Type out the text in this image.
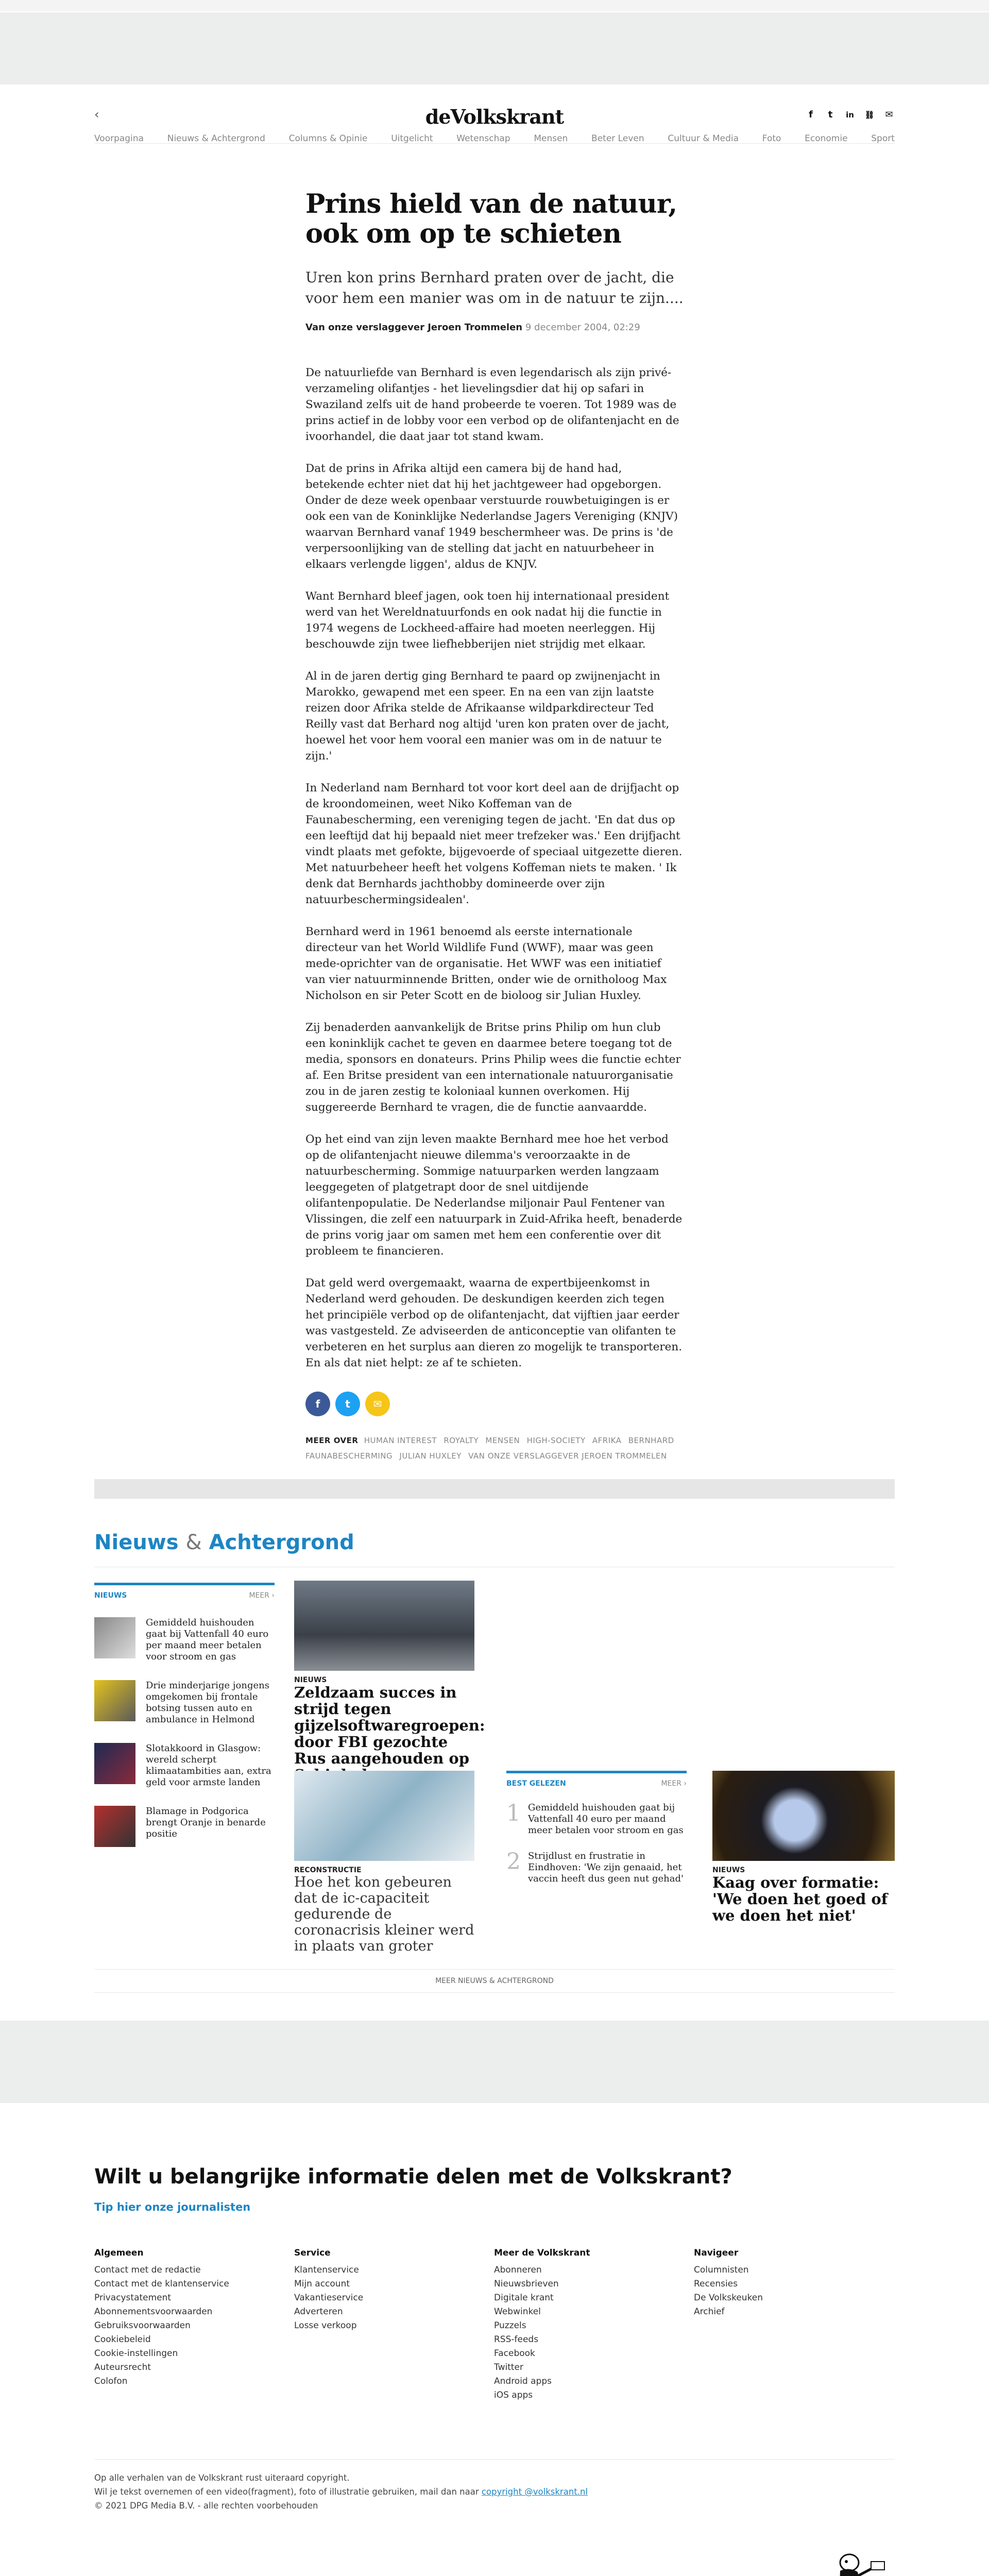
‹	deVolkskrant	f	t	in ⛓ ✉
Voorpagina	Nieuws & Achtergrond	Columns & Opinie	Uitgelicht	Wetenschap	Mensen	Beter Leven	Cultuur & Media	Foto	Economie	Sport
Prins hield van de natuur, ook om op te schieten

Uren kon prins Bernhard praten over de jacht, die voor hem een manier was om in de natuur te zijn....

Van onze verslaggever Jeroen Trommelen 9 december 2004, 02:29

De natuurliefde van Bernhard is even legendarisch als zijn privé-verzameling olifantjes - het lievelingsdier dat hij op safari in Swaziland zelfs uit de hand probeerde te voeren. Tot 1989 was de prins actief in de lobby voor een verbod op de olifantenjacht en de ivoorhandel, die daat jaar tot stand kwam.

Dat de prins in Afrika altijd een camera bij de hand had, betekende echter niet dat hij het jachtgeweer had opgeborgen. Onder de deze week openbaar verstuurde rouwbetuigingen is er ook een van de Koninklijke Nederlandse Jagers Vereniging (KNJV) waarvan Bernhard vanaf 1949 beschermheer was. De prins is 'de verpersoonlijking van de stelling dat jacht en natuurbeheer in elkaars verlengde liggen', aldus de KNJV.

Want Bernhard bleef jagen, ook toen hij internationaal president werd van het Wereldnatuurfonds en ook nadat hij die functie in 1974 wegens de Lockheed-affaire had moeten neerleggen. Hij beschouwde zijn twee liefhebberijen niet strijdig met elkaar.

Al in de jaren dertig ging Bernhard te paard op zwijnenjacht in Marokko, gewapend met een speer. En na een van zijn laatste reizen door Afrika stelde de Afrikaanse wildparkdirecteur Ted Reilly vast dat Berhard nog altijd 'uren kon praten over de jacht, hoewel het voor hem vooral een manier was om in de natuur te zijn.'

In Nederland nam Bernhard tot voor kort deel aan de drijfjacht op de kroondomeinen, weet Niko Koffeman van de Faunabescherming, een vereniging tegen de jacht. 'En dat dus op een leeftijd dat hij bepaald niet meer trefzeker was.' Een drijfjacht vindt plaats met gefokte, bijgevoerde of speciaal uitgezette dieren. Met natuurbeheer heeft het volgens Koffeman niets te maken. ' Ik denk dat Bernhards jachthobby domineerde over zijn natuurbeschermingsidealen'.

Bernhard werd in 1961 benoemd als eerste internationale directeur van het World Wildlife Fund (WWF), maar was geen mede-oprichter van de organisatie. Het WWF was een initiatief van vier natuurminnende Britten, onder wie de ornitholoog Max Nicholson en sir Peter Scott en de bioloog sir Julian Huxley.

Zij benaderden aanvankelijk de Britse prins Philip om hun club een koninklijk cachet te geven en daarmee betere toegang tot de media, sponsors en donateurs. Prins Philip wees die functie echter af. Een Britse president van een internationale natuurorganisatie zou in de jaren zestig te koloniaal kunnen overkomen. Hij suggereerde Bernhard te vragen, die de functie aanvaardde.

Op het eind van zijn leven maakte Bernhard mee hoe het verbod op de olifantenjacht nieuwe dilemma's veroorzaakte in de natuurbescherming. Sommige natuurparken werden langzaam leeggegeten of platgetrapt door de snel uitdijende olifantenpopulatie. De Nederlandse miljonair Paul Fentener van Vlissingen, die zelf een natuurpark in Zuid-Afrika heeft, benaderde de prins vorig jaar om samen met hem een conferentie over dit probleem te financieren.

Dat geld werd overgemaakt, waarna de expertbijeenkomst in Nederland werd gehouden. De deskundigen keerden zich tegen het principiële verbod op de olifantenjacht, dat vijftien jaar eerder was vastgesteld. Ze adviseerden de anticonceptie van olifanten te verbeteren en het surplus aan dieren zo mogelijk te transporteren. En als dat niet helpt: ze af te schieten.

f	t	✉
MEER OVER HUMAN INTEREST ROYALTY MENSEN HIGH-SOCIETY AFRIKA BERNHARD FAUNABESCHERMING JULIAN HUXLEY VAN ONZE VERSLAGGEVER JEROEN TROMMELEN
Nieuws & Achtergrond
NIEUWS	MEER ›

Gemiddeld huishouden gaat bij Vattenfall 40 euro per maand meer betalen voor stroom en gas

Drie minderjarige jongens omgekomen bij frontale botsing tussen auto en ambulance in Helmond

Slotakkoord in Glasgow: wereld scherpt klimaatambities aan, extra geld voor armste landen

Blamage in Podgorica brengt Oranje in benarde positie

NIEUWS

Zeldzaam succes in strijd tegen gijzelsoftwaregroepen: door FBI gezochte Rus aangehouden op

RECONSTRUCTIE

Hoe het kon gebeuren dat de ic-capaciteit gedurende de coronacrisis kleiner werd in plaats van groter

BEST GELEZEN	MEER ›
1 Gemiddeld huishouden gaat bij Vattenfall 40 euro per maand meer betalen voor stroom en gas
2 Strijdlust en frustratie in Eindhoven: 'We zijn genaaid, het vaccin heeft dus geen nut gehad'

NIEUWS

Kaag over formatie: 'We doen het goed of we doen het niet'
MEER NIEUWS & ACHTERGROND
Wilt u belangrijke informatie delen met de Volkskrant?
Tip hier onze journalisten
Algemeen
Contact met de redactie
Contact met de klantenservice
Privacystatement
Abonnementsvoorwaarden
Gebruiksvoorwaarden
Cookiebeleid
Cookie-instellingen
Auteursrecht
Colofon
Service
Klantenservice
Mijn account
Vakantieservice
Adverteren
Losse verkoop
Meer de Volkskrant
Abonneren
Nieuwsbrieven
Digitale krant
Webwinkel
Puzzels
RSS-feeds
Facebook
Twitter
Android apps
iOS apps
Navigeer
Columnisten
Recensies
De Volkskeuken
Archief

Op alle verhalen van de Volkskrant rust uiteraard copyright.

Wil je tekst overnemen of een video(fragment), foto of illustratie gebruiken, mail dan naar copyright @volkskrant.nl

© 2021 DPG Media B.V. - alle rechten voorbehouden
